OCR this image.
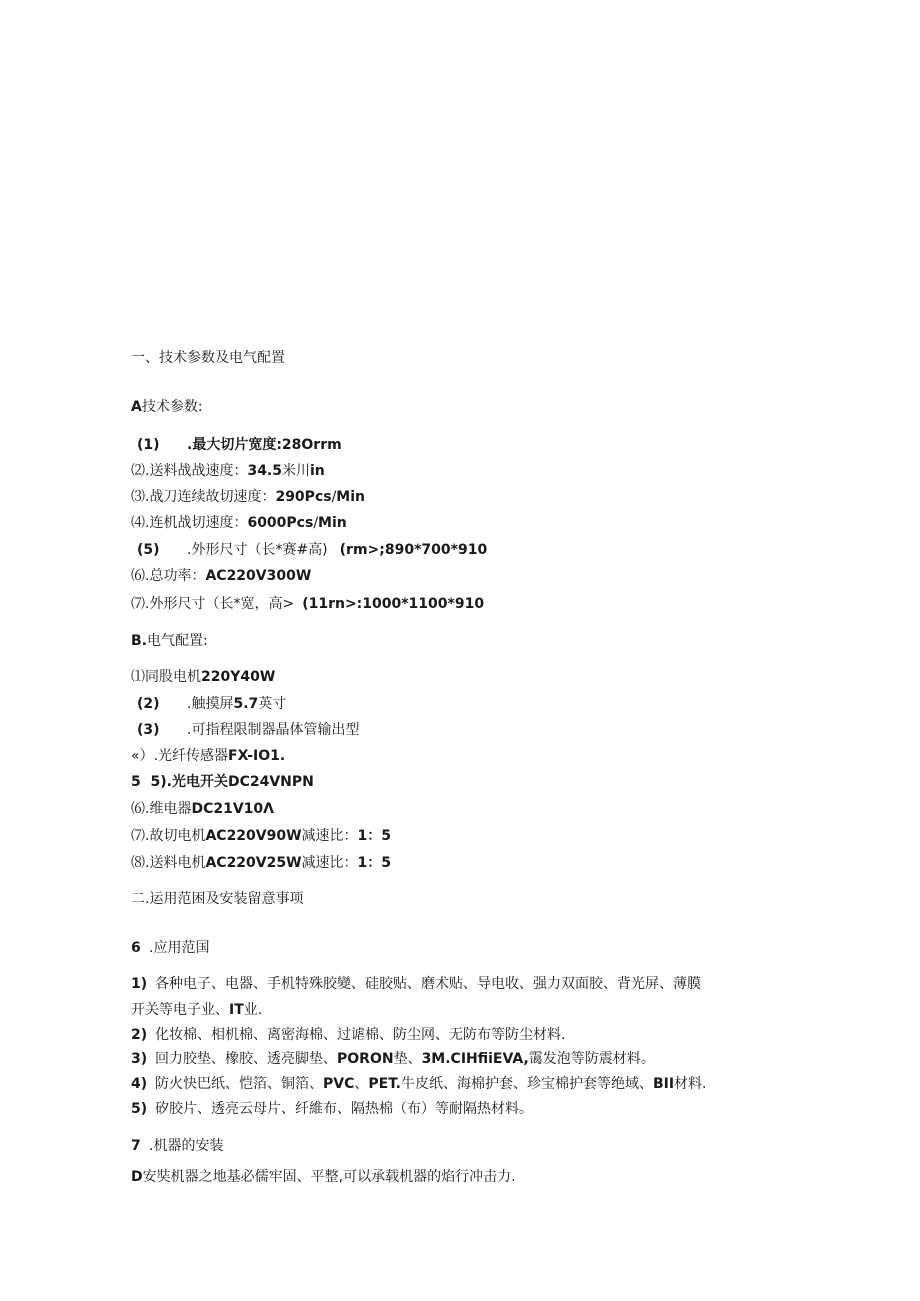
一、技术参数及电气配置
A技术参数:
(1) .最大切片宽度:28Orrm
⑵.送料战战速度：34.5米川in
⑶.战刀连续故切速度：290Pcs/Min
⑷.连机战切速度：6000Pcs/Min
(5) .外形尺寸（长*赛#高) (rm>;890*700*910
⑹.总功率：AC220V300W
⑺.外形尺寸（长*宽，高> (11rn>:1000*1100*910
B.电气配置:
⑴同股电机220Y40W
(2) .触摸屏5.7英寸
(3) .可指程限制器晶体管输出型
«）.光纤传感器FX-IO1.
5  5).光电开关DC24VNPN
⑹.维电器DC21V10Λ
⑺.故切电机AC220V90W减速比：1：5
⑻.送料电机AC220V25W减速比：1：5
二.运用范困及安装留意事项
6 .应用范国
1) 各种电子、电器、手机特殊胶變、硅胶贴、磨术贴、导电收、强力双面胶、背光屏、薄膜
开关等电子业、IT业.
2) 化妆棉、相机棉、离密海棉、过谑棉、防尘网、无防布等防尘材料.
3) 回力胶垫、橡胶、透亮脚垫、PORON垫、3M.CIHfiiEVA,霭发泡等防震材料。
4) 防火快巴纸、恺箔、铜箔、PVC、PET.牛皮纸、海棉护套、珍宝棉护套等绝域、BII材料.
5) 矽胶片、透亮云母片、纤維布、隔热棉（布）等耐隔热材料。
7 .机器的安装
D安奘机器之地基必儒牢固、平整,可以承载机器的焰行冲击力.
